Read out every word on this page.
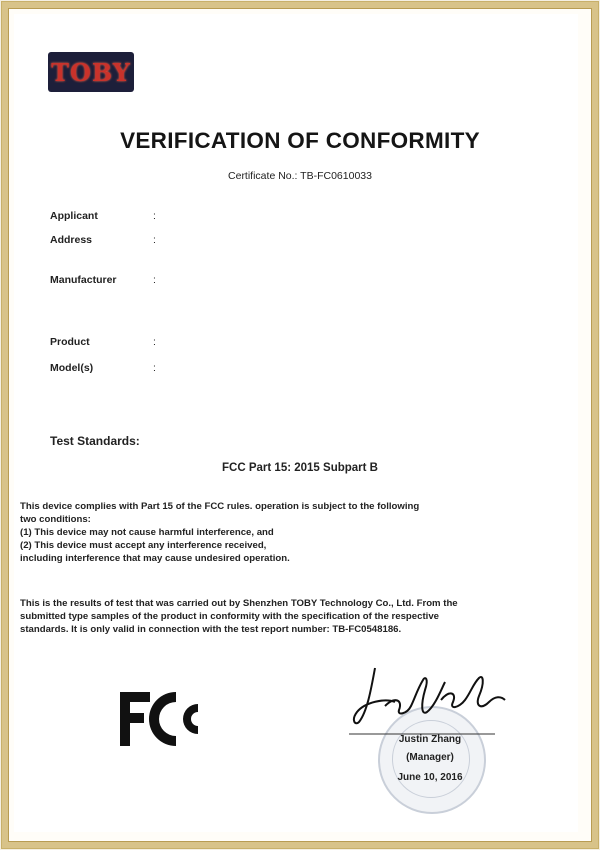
TOBY
VERIFICATION OF CONFORMITY
Certificate No.: TB-FC0610033
Applicant	:
Address	:
Manufacturer	:
Product	:
Model(s)	:
Test Standards:
FCC Part 15: 2015 Subpart B
This device complies with Part 15 of the FCC rules. operation is subject to the following
two conditions:
(1) This device may not cause harmful interference, and
(2) This device must accept any interference received,
including interference that may cause undesired operation.
This is the results of test that was carried out by Shenzhen TOBY Technology Co., Ltd. From the
submitted type samples of the product in conformity with the specification of the respective
standards. It is only valid in connection with the test report number: TB-FC0548186.
Justin Zhang
(Manager)
June 10, 2016
